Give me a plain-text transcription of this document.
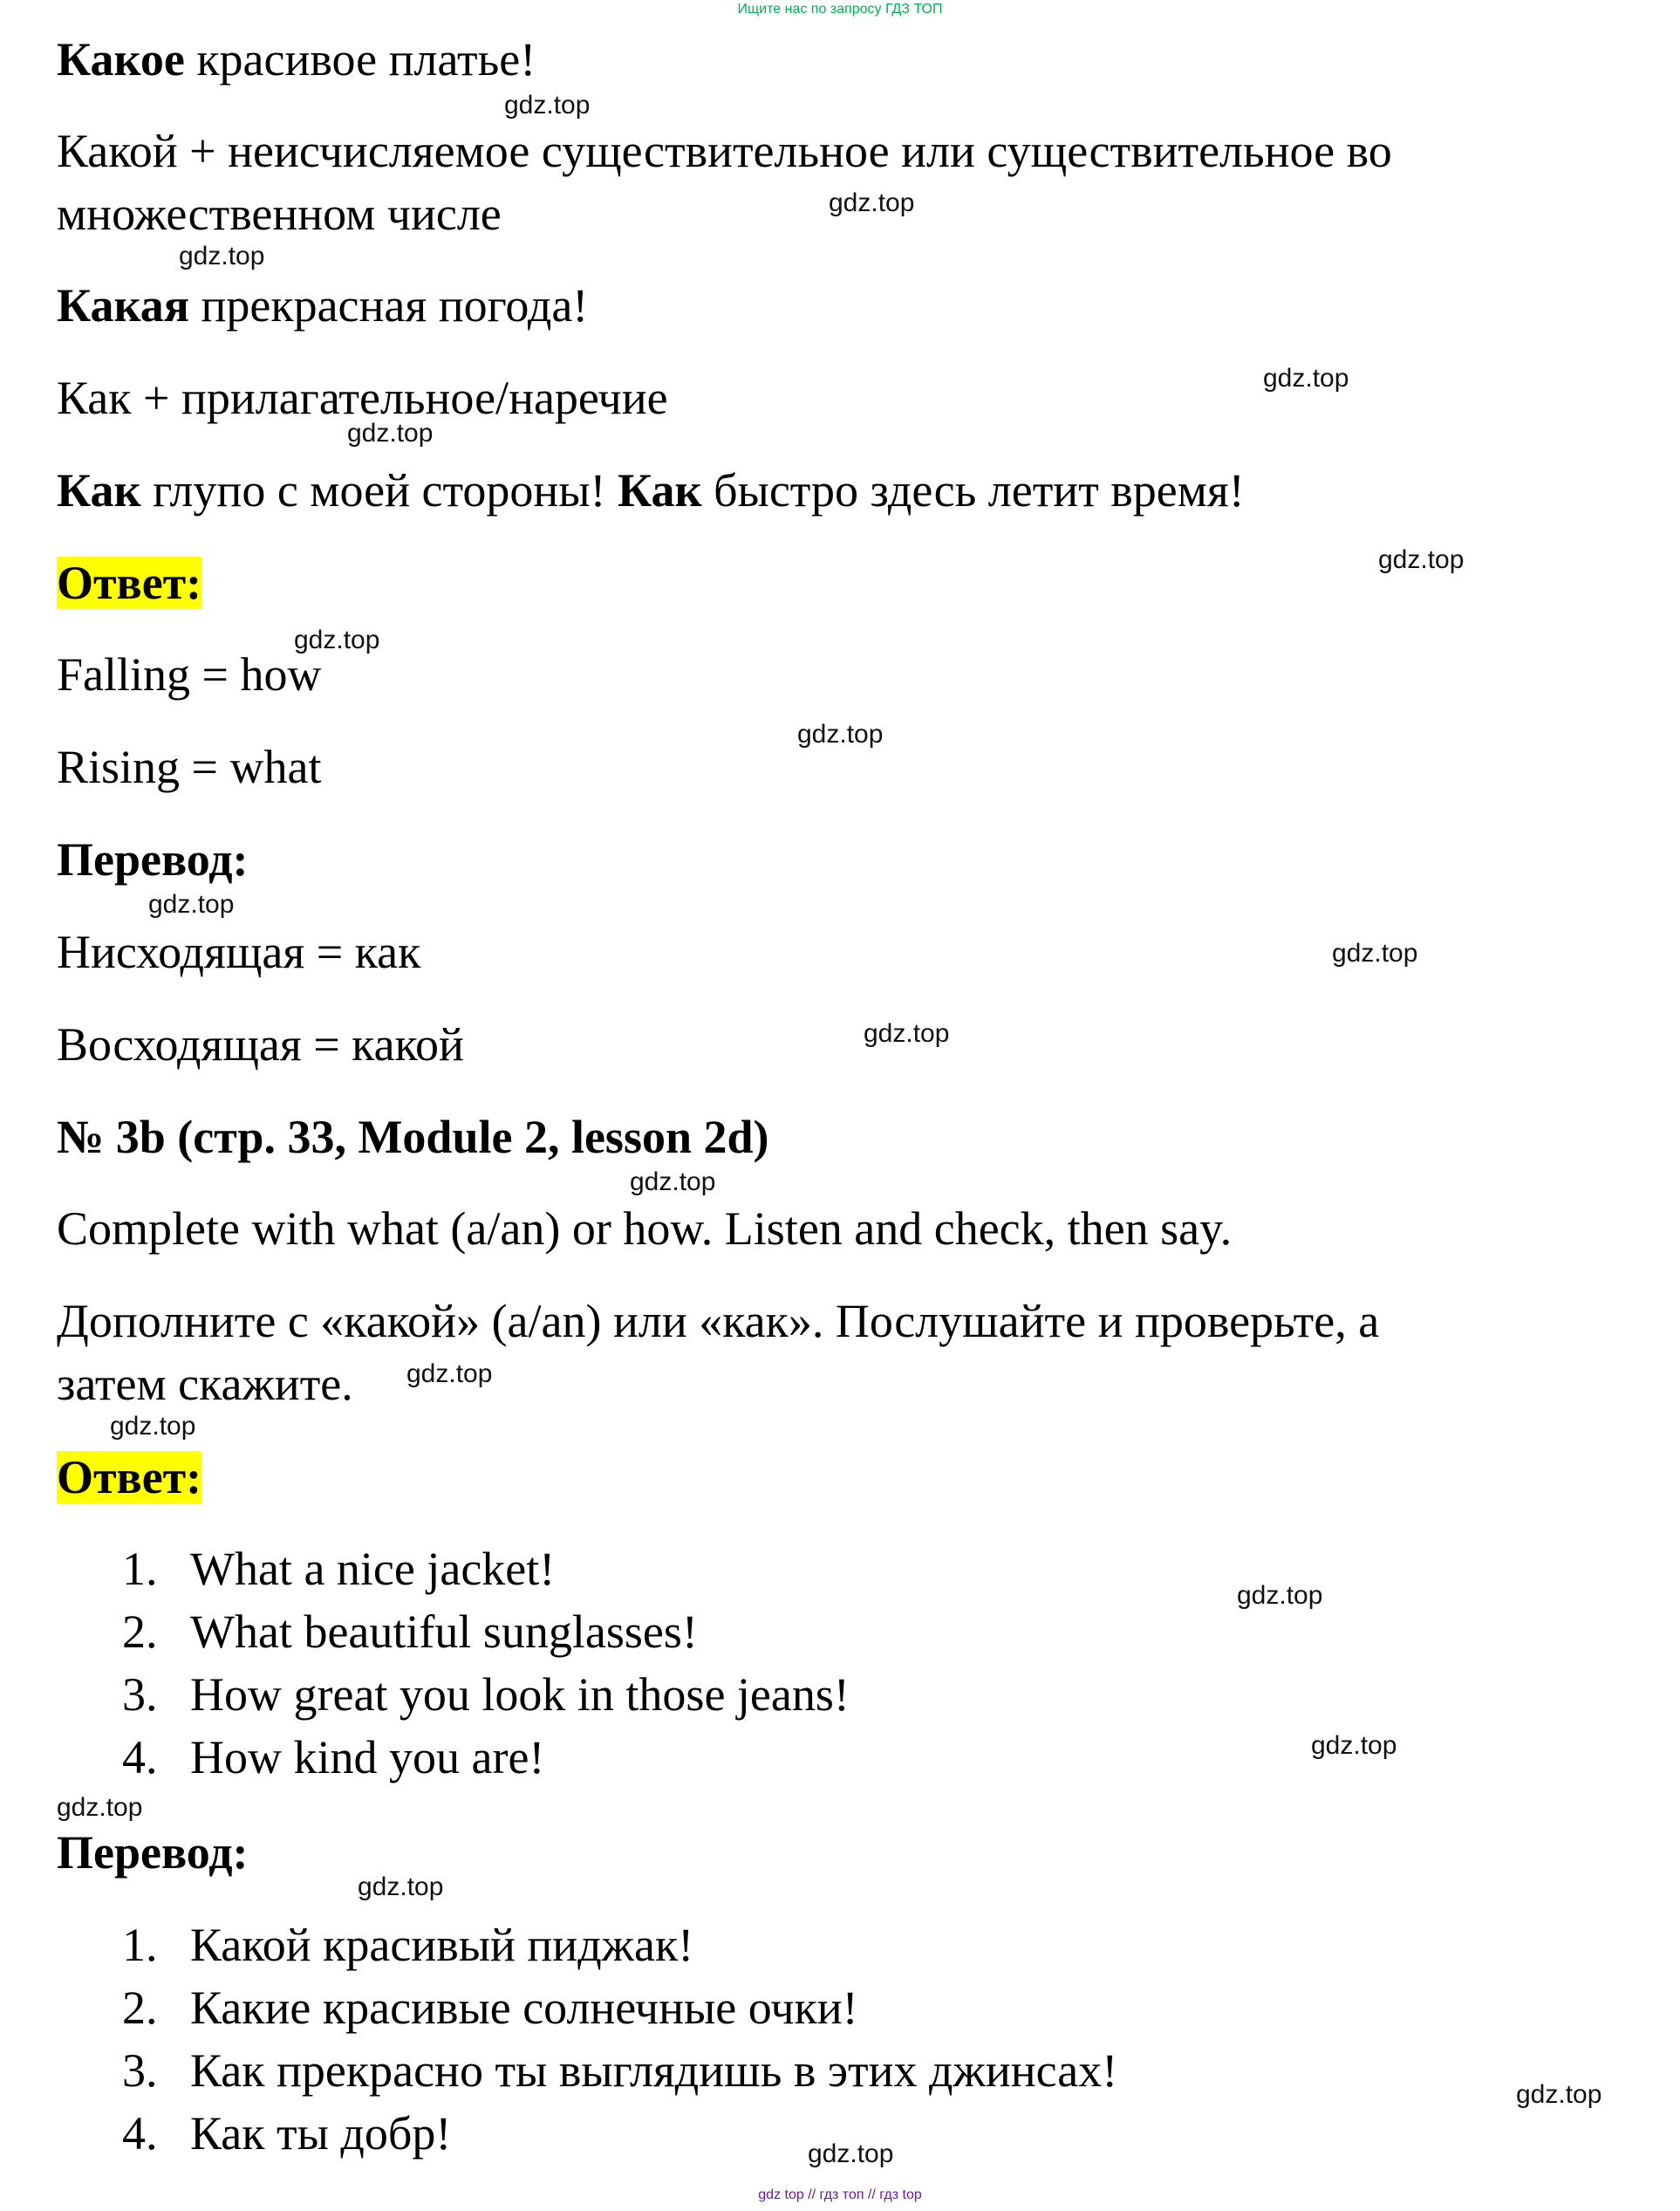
Ищите нас по запросу ГДЗ ТОП
Какое красивое платье!
Какой + неисчисляемое существительное или существительное во
множественном числе
Какая прекрасная погода!
Как + прилагательное/наречие
Как глупо с моей стороны! Как быстро здесь летит время!
Ответ:
Falling = how
Rising = what
Перевод:
Нисходящая = как
Восходящая = какой
№ 3b (стр. 33, Module 2, lesson 2d)
Complete with what (a/an) or how. Listen and check, then say.
Дополните с «какой» (a/an) или «как». Послушайте и проверьте, а
затем скажите.
Ответ:
1. What a nice jacket!
2. What beautiful sunglasses!
3. How great you look in those jeans!
4. How kind you are!
Перевод:
1. Какой красивый пиджак!
2. Какие красивые солнечные очки!
3. Как прекрасно ты выглядишь в этих джинсах!
4. Как ты добр!
gdz.top
gdz.top
gdz.top
gdz.top
gdz.top
gdz.top
gdz.top
gdz.top
gdz.top
gdz.top
gdz.top
gdz.top
gdz.top
gdz.top
gdz.top
gdz.top
gdz.top
gdz.top
gdz.top
gdz.top
gdz top // гдз топ // гдз top
